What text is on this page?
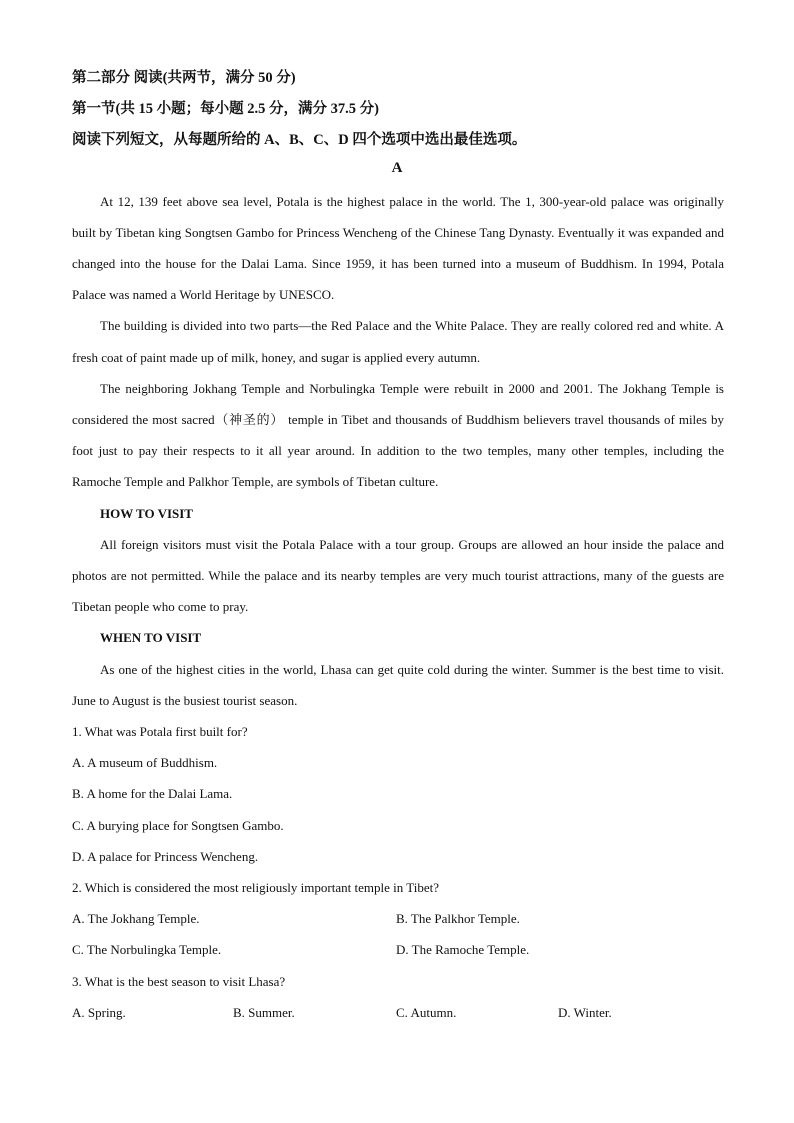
第二部分 阅读(共两节，满分 50 分)
第一节(共 15 小题；每小题 2.5 分，满分 37.5 分)
阅读下列短文，从每题所给的 A、B、C、D 四个选项中选出最佳选项。
A

At 12, 139 feet above sea level, Potala is the highest palace in the world. The 1, 300-year-old palace was originally built by Tibetan king Songtsen Gambo for Princess Wencheng of the Chinese Tang Dynasty. Eventually it was expanded and changed into the house for the Dalai Lama. Since 1959, it has been turned into a museum of Buddhism. In 1994, Potala Palace was named a World Heritage by UNESCO.

The building is divided into two parts—the Red Palace and the White Palace. They are really colored red and white. A fresh coat of paint made up of milk, honey, and sugar is applied every autumn.

The neighboring Jokhang Temple and Norbulingka Temple were rebuilt in 2000 and 2001. The Jokhang Temple is considered the most sacred（神圣的） temple in Tibet and thousands of Buddhism believers travel thousands of miles by foot just to pay their respects to it all year around. In addition to the two temples, many other temples, including the Ramoche Temple and Palkhor Temple, are symbols of Tibetan culture.

HOW TO VISIT

All foreign visitors must visit the Potala Palace with a tour group. Groups are allowed an hour inside the palace and photos are not permitted. While the palace and its nearby temples are very much tourist attractions, many of the guests are Tibetan people who come to pray.

WHEN TO VISIT

As one of the highest cities in the world, Lhasa can get quite cold during the winter. Summer is the best time to visit. June to August is the busiest tourist season.

1. What was Potala first built for?
A. A museum of Buddhism.
B. A home for the Dalai Lama.
C. A burying place for Songtsen Gambo.
D. A palace for Princess Wencheng.
2. Which is considered the most religiously important temple in Tibet?
A. The Jokhang Temple.	B. The Palkhor Temple.
C. The Norbulingka Temple.	D. The Ramoche Temple.
3. What is the best season to visit Lhasa?
A. Spring.	B. Summer.	C. Autumn.	D. Winter.
